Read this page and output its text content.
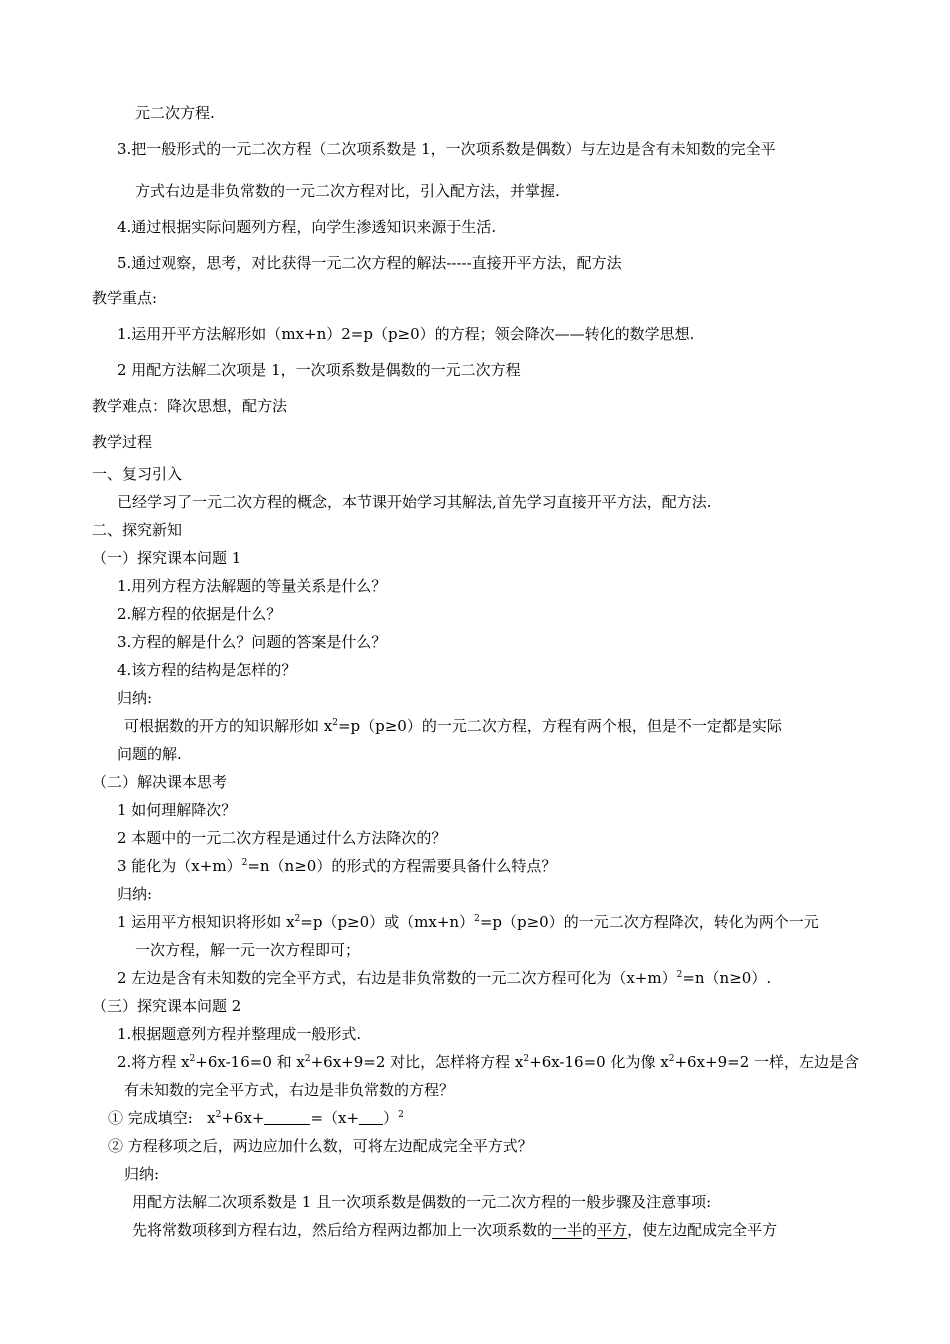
元二次方程.
3.把一般形式的一元二次方程（二次项系数是 1，一次项系数是偶数）与左边是含有未知数的完全平
方式右边是非负常数的一元二次方程对比，引入配方法，并掌握.
4.通过根据实际问题列方程，向学生渗透知识来源于生活.
5.通过观察，思考，对比获得一元二次方程的解法-----直接开平方法，配方法
教学重点:
1.运用开平方法解形如（mx+n）2=p（p≥0）的方程；领会降次——转化的数学思想.
2 用配方法解二次项是 1，一次项系数是偶数的一元二次方程
教学难点：降次思想，配方法
教学过程
一、复习引入
已经学习了一元二次方程的概念，本节课开始学习其解法,首先学习直接开平方法，配方法.
二、探究新知
（一）探究课本问题 1
1.用列方程方法解题的等量关系是什么？
2.解方程的依据是什么？
3.方程的解是什么？问题的答案是什么？
4.该方程的结构是怎样的？
归纳:
可根据数的开方的知识解形如 $x^2=p(p\ge 0)$的一元二次方程，方程有两个根，但是不一定都是实际
问题的解.
（二）解决课本思考
1 如何理解降次？
2 本题中的一元二次方程是通过什么方法降次的？
3 能化为$(x+m)^2=n(n\ge 0)$的形式的方程需要具备什么特点？
归纳:
1 运用平方根知识将形如 $x^2=p(p\ge 0)$或$(mx+n)^2=p(p\ge 0)$的一元二次方程降次，转化为两个一元
一次方程，解一元一次方程即可；
2 左边是含有未知数的完全平方式，右边是非负常数的一元二次方程可化为$(x+m)^2=n(n\ge 0)$.
（三）探究课本问题 2
1.根据题意列方程并整理成一般形式.
2.将方程 $x^2+6x-16=0$ 和 $x^2+6x+9=2$ 对比，怎样将方程 $x^2+6x-16=0$ 化为像 $x^2+6x+9=2$ 一样，左边是含
有未知数的完全平方式，右边是非负常数的方程？
① 完成填空: $x^2+6x+$	$=(x+ )^2$
② 方程移项之后，两边应加什么数，可将左边配成完全平方式？
归纳:
用配方法解二次项系数是 1 且一次项系数是偶数的一元二次方程的一般步骤及注意事项:
先将常数项移到方程右边，然后给方程两边都加上一次项系数的一半的平方，使左边配成完全平方
